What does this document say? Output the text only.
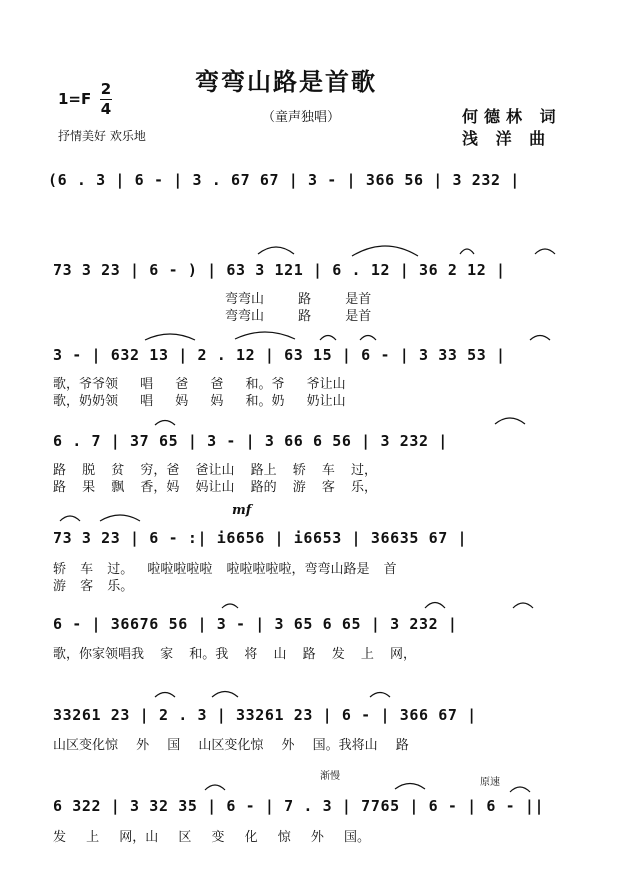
弯弯山路是首歌
（童声独唱）
1=F
2
4
抒情美好 欢乐地
何德林 词
浅 洋 曲
(6 . 3 | 6 - | 3 . 67 67 | 3 - | 366 56 | 3 232 |
73 3 23 | 6 - ) | 63 3 121 | 6 . 12 | 36 2 12 |
弯弯山 路 是首
弯弯山 路 是首
3 - | 632 13 | 2 . 12 | 63 15 | 6 - | 3 33 53 |
歌，爷爷领 唱 爸 爸 和。爷 爷让山
歌，奶奶领 唱 妈 妈 和。奶 奶让山
6 . 7 | 37 65 | 3 - | 3 66 6 56 | 3 232 |
路 脱 贫 穷，爸 爸让山 路上 轿 车 过，
路 果 飘 香，妈 妈让山 路的 游 客 乐，
mf
73 3 23 | 6 - :| i6656 | i6653 | 36635 67 |
轿 车 过。 啦啦啦啦啦 啦啦啦啦啦，弯弯山路是 首
游 客 乐。
6 - | 36676 56 | 3 - | 3 65 6 65 | 3 232 |
歌，你家领唱我 家 和。我 将 山 路 发 上 网，
33261 23 | 2 . 3 | 33261 23 | 6 - | 366 67 |
山区变化惊 外 国 山区变化惊 外 国。我将山 路
渐慢
原速
6 322 | 3 32 35 | 6 - | 7 . 3 | 7765 | 6 - | 6 - ||
发 上 网，山 区 变 化 惊 外 国。
